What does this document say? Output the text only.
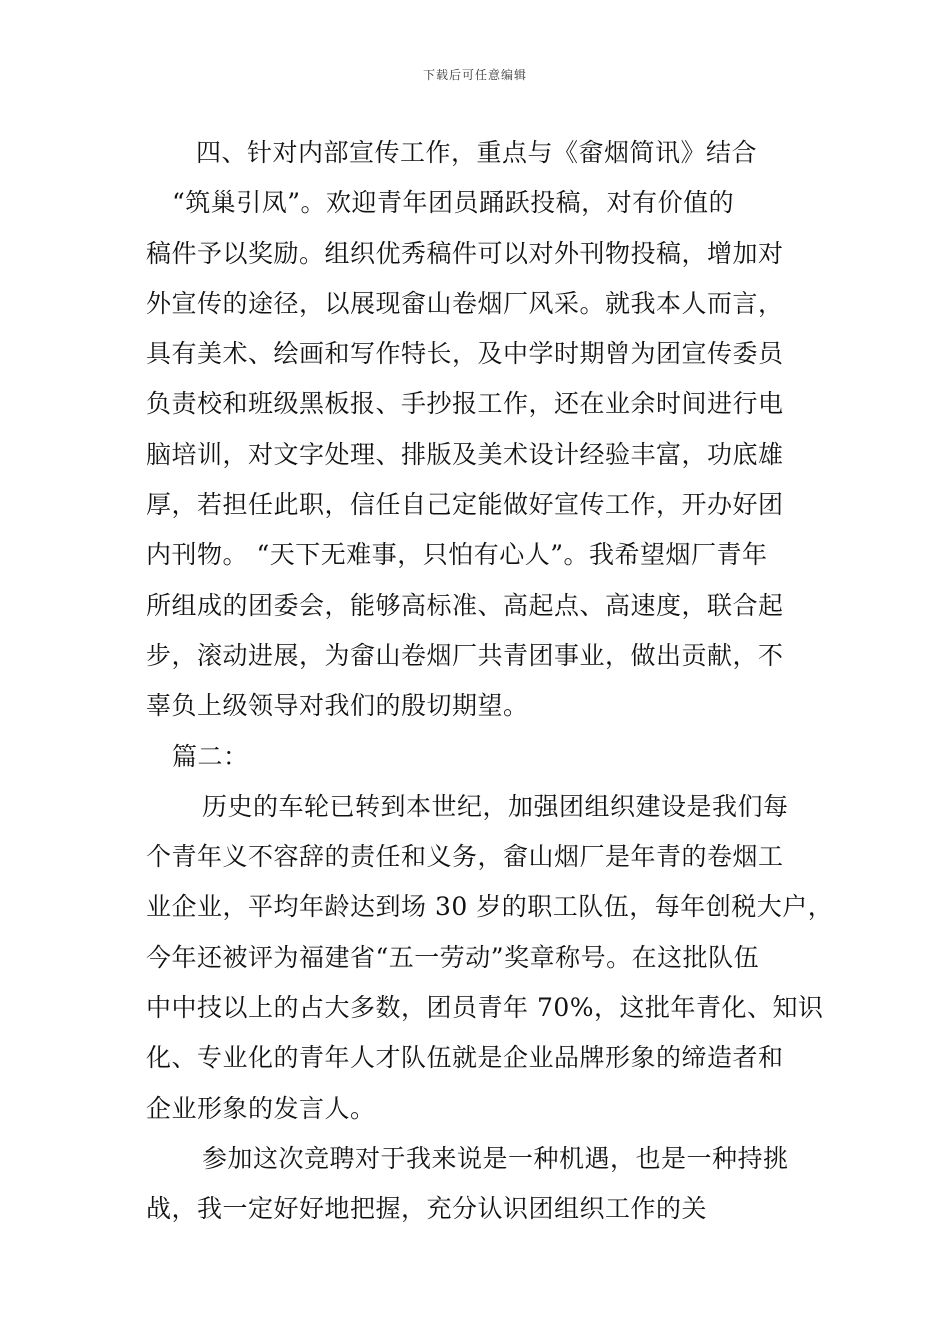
下载后可任意编辑
四、针对内部宣传工作，重点与《畲烟简讯》结合
“筑巢引凤”。欢迎青年团员踊跃投稿，对有价值的
稿件予以奖励。组织优秀稿件可以对外刊物投稿，增加对
外宣传的途径，以展现畲山卷烟厂风采。就我本人而言，
具有美术、绘画和写作特长，及中学时期曾为团宣传委员
负责校和班级黑板报、手抄报工作，还在业余时间进行电
脑培训，对文字处理、排版及美术设计经验丰富，功底雄
厚，若担任此职，信任自己定能做好宣传工作，开办好团
内刊物。 “天下无难事，只怕有心人”。我希望烟厂青年
所组成的团委会，能够高标准、高起点、高速度，联合起
步，滚动进展，为畲山卷烟厂共青团事业，做出贡献，不
辜负上级领导对我们的殷切期望。
篇二：
历史的车轮已转到本世纪，加强团组织建设是我们每
个青年义不容辞的责任和义务，畲山烟厂是年青的卷烟工
业企业，平均年龄达到场 30 岁的职工队伍，每年创税大户，
今年还被评为福建省“五一劳动”奖章称号。在这批队伍
中中技以上的占大多数，团员青年 70%，这批年青化、知识
化、专业化的青年人才队伍就是企业品牌形象的缔造者和
企业形象的发言人。
参加这次竞聘对于我来说是一种机遇，也是一种持挑
战，我一定好好地把握，充分认识团组织工作的关
